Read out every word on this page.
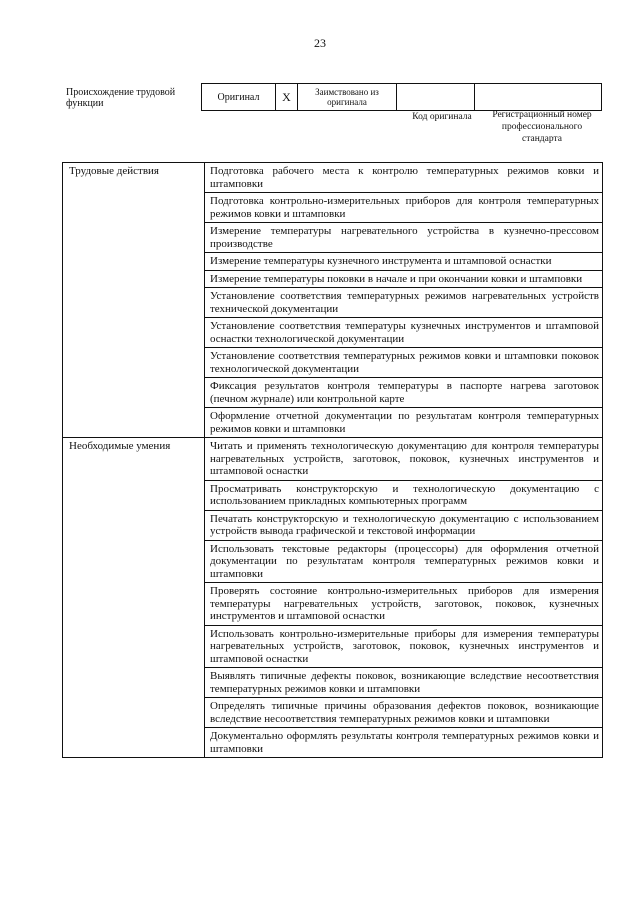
23
Происхождение трудовой функции
Оригинал	X	Заимствовано из оригинала
Код оригинала	Регистрационный номер профессионального стандарта
Трудовые действия	Подготовка рабочего места к контролю температурных режимов ковки и штамповки
	Подготовка контрольно-измерительных приборов для контроля температурных режимов ковки и штамповки
	Измерение температуры нагревательного устройства в кузнечно-прессовом производстве
	Измерение температуры кузнечного инструмента и штамповой оснастки
	Измерение температуры поковки в начале и при окончании ковки и штамповки
	Установление соответствия температурных режимов нагревательных устройств технической документации
	Установление соответствия температуры кузнечных инструментов и штамповой оснастки технологической документации
	Установление соответствия температурных режимов ковки и штамповки поковок технологической документации
	Фиксация результатов контроля температуры в паспорте нагрева заготовок (печном журнале) или контрольной карте
	Оформление отчетной документации по результатам контроля температурных режимов ковки и штамповки
Необходимые умения	Читать и применять технологическую документацию для контроля температуры нагревательных устройств, заготовок, поковок, кузнечных инструментов и штамповой оснастки
	Просматривать конструкторскую и технологическую документацию с использованием прикладных компьютерных программ
	Печатать конструкторскую и технологическую документацию с использованием устройств вывода графической и текстовой информации
	Использовать текстовые редакторы (процессоры) для оформления отчетной документации по результатам контроля температурных режимов ковки и штамповки
	Проверять состояние контрольно-измерительных приборов для измерения температуры нагревательных устройств, заготовок, поковок, кузнечных инструментов и штамповой оснастки
	Использовать контрольно-измерительные приборы для измерения температуры нагревательных устройств, заготовок, поковок, кузнечных инструментов и штамповой оснастки
	Выявлять типичные дефекты поковок, возникающие вследствие несоответствия температурных режимов ковки и штамповки
	Определять типичные причины образования дефектов поковок, возникающие вследствие несоответствия температурных режимов ковки и штамповки
	Документально оформлять результаты контроля температурных режимов ковки и штамповки
